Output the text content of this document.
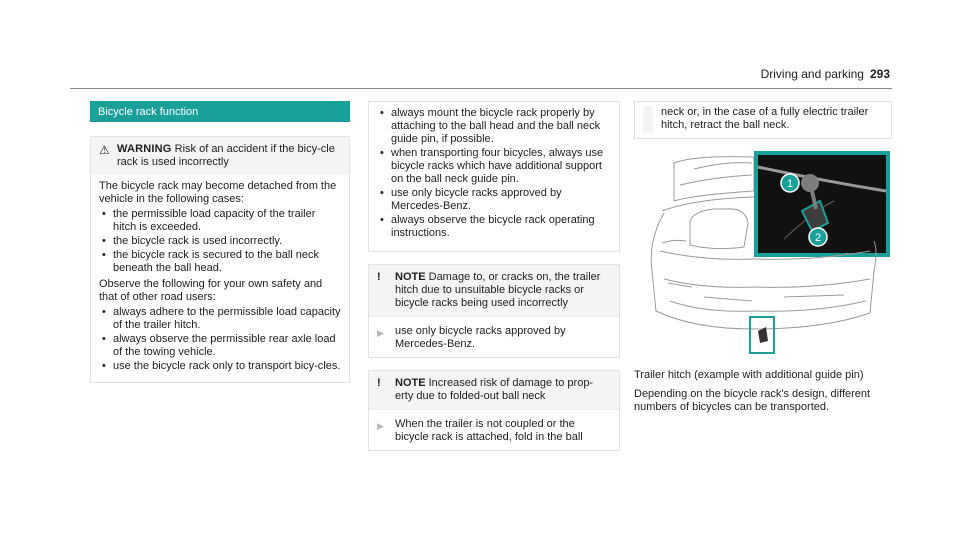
Driving and parking 293
Bicycle rack function
⚠ WARNING Risk of an accident if the bicy-cle rack is used incorrectly

The bicycle rack may become detached from the vehicle in the following cases:

• the permissible load capacity of the trailer hitch is exceeded.
• the bicycle rack is used incorrectly.
• the bicycle rack is secured to the ball neck beneath the ball head.

Observe the following for your own safety and that of other road users:

• always adhere to the permissible load capacity of the trailer hitch.
• always observe the permissible rear axle load of the towing vehicle.
• use the bicycle rack only to transport bicy-cles.
• always mount the bicycle rack properly by attaching to the ball head and the ball neck guide pin, if possible.
• when transporting four bicycles, always use bicycle racks which have additional support on the ball neck guide pin.
• use only bicycle racks approved by Mercedes-Benz.
• always observe the bicycle rack operating instructions.
!	NOTE Damage to, or cracks on, the trailer hitch due to unsuitable bicycle racks or bicycle racks being used incorrectly
▶	use only bicycle racks approved by Mercedes-Benz.
!	NOTE Increased risk of damage to prop-erty due to folded-out ball neck
▶	When the trailer is not coupled or the bicycle rack is attached, fold in the ball
neck or, in the case of a fully electric trailer hitch, retract the ball neck.
1
2
Trailer hitch (example with additional guide pin)
Depending on the bicycle rack's design, different numbers of bicycles can be transported.
